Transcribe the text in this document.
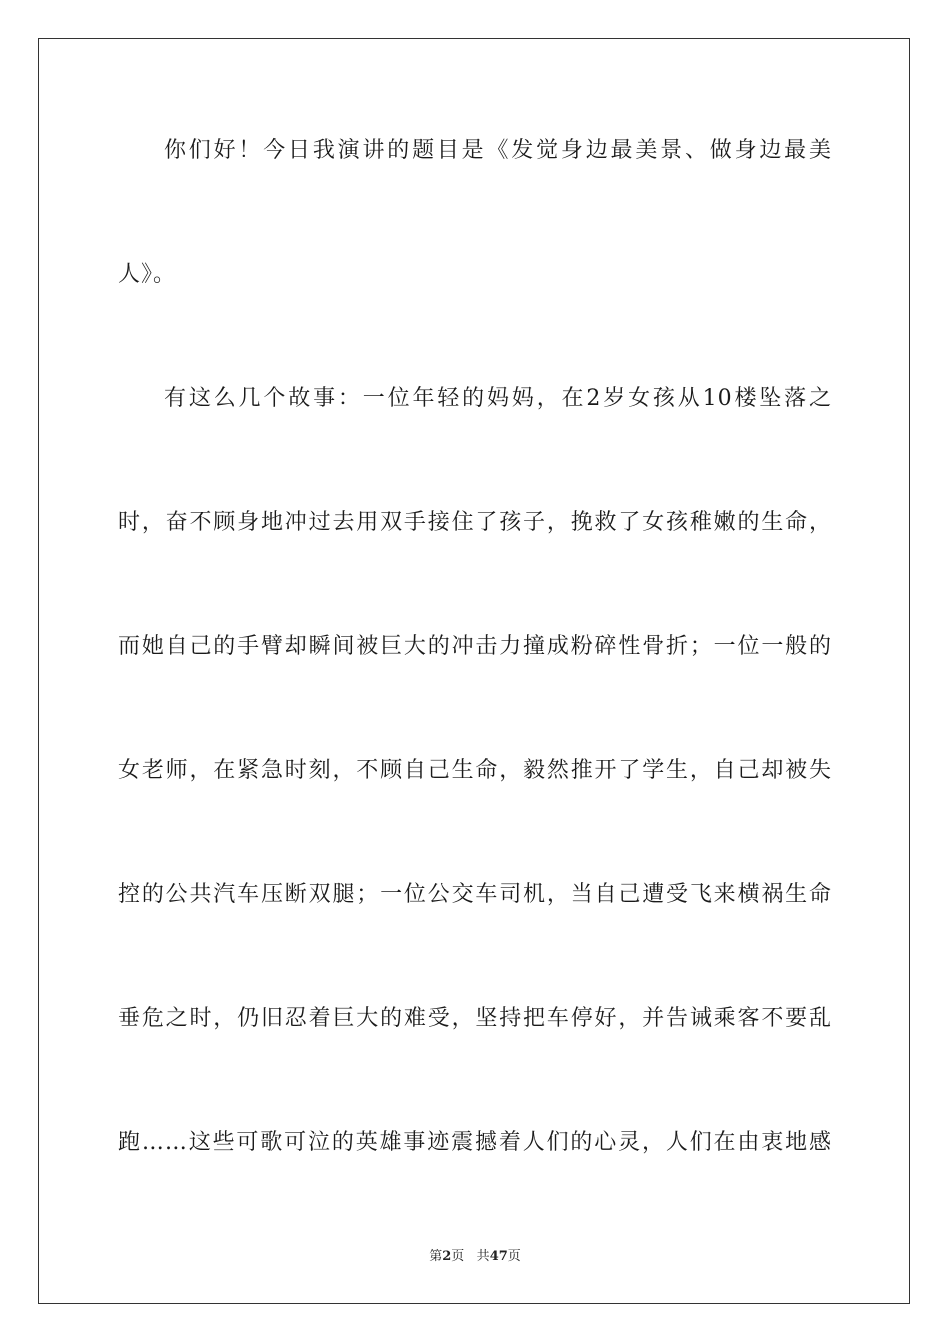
你们好！今日我演讲的题目是《发觉身边最美景、做身边最美
人》。
有这么几个故事：一位年轻的妈妈，在2岁女孩从10楼坠落之
时，奋不顾身地冲过去用双手接住了孩子，挽救了女孩稚嫩的生命，
而她自己的手臂却瞬间被巨大的冲击力撞成粉碎性骨折；一位一般的
女老师，在紧急时刻，不顾自己生命，毅然推开了学生，自己却被失
控的公共汽车压断双腿；一位公交车司机，当自己遭受飞来横祸生命
垂危之时，仍旧忍着巨大的难受，坚持把车停好，并告诫乘客不要乱
跑……这些可歌可泣的英雄事迹震撼着人们的心灵，人们在由衷地感
第2页 共47页
